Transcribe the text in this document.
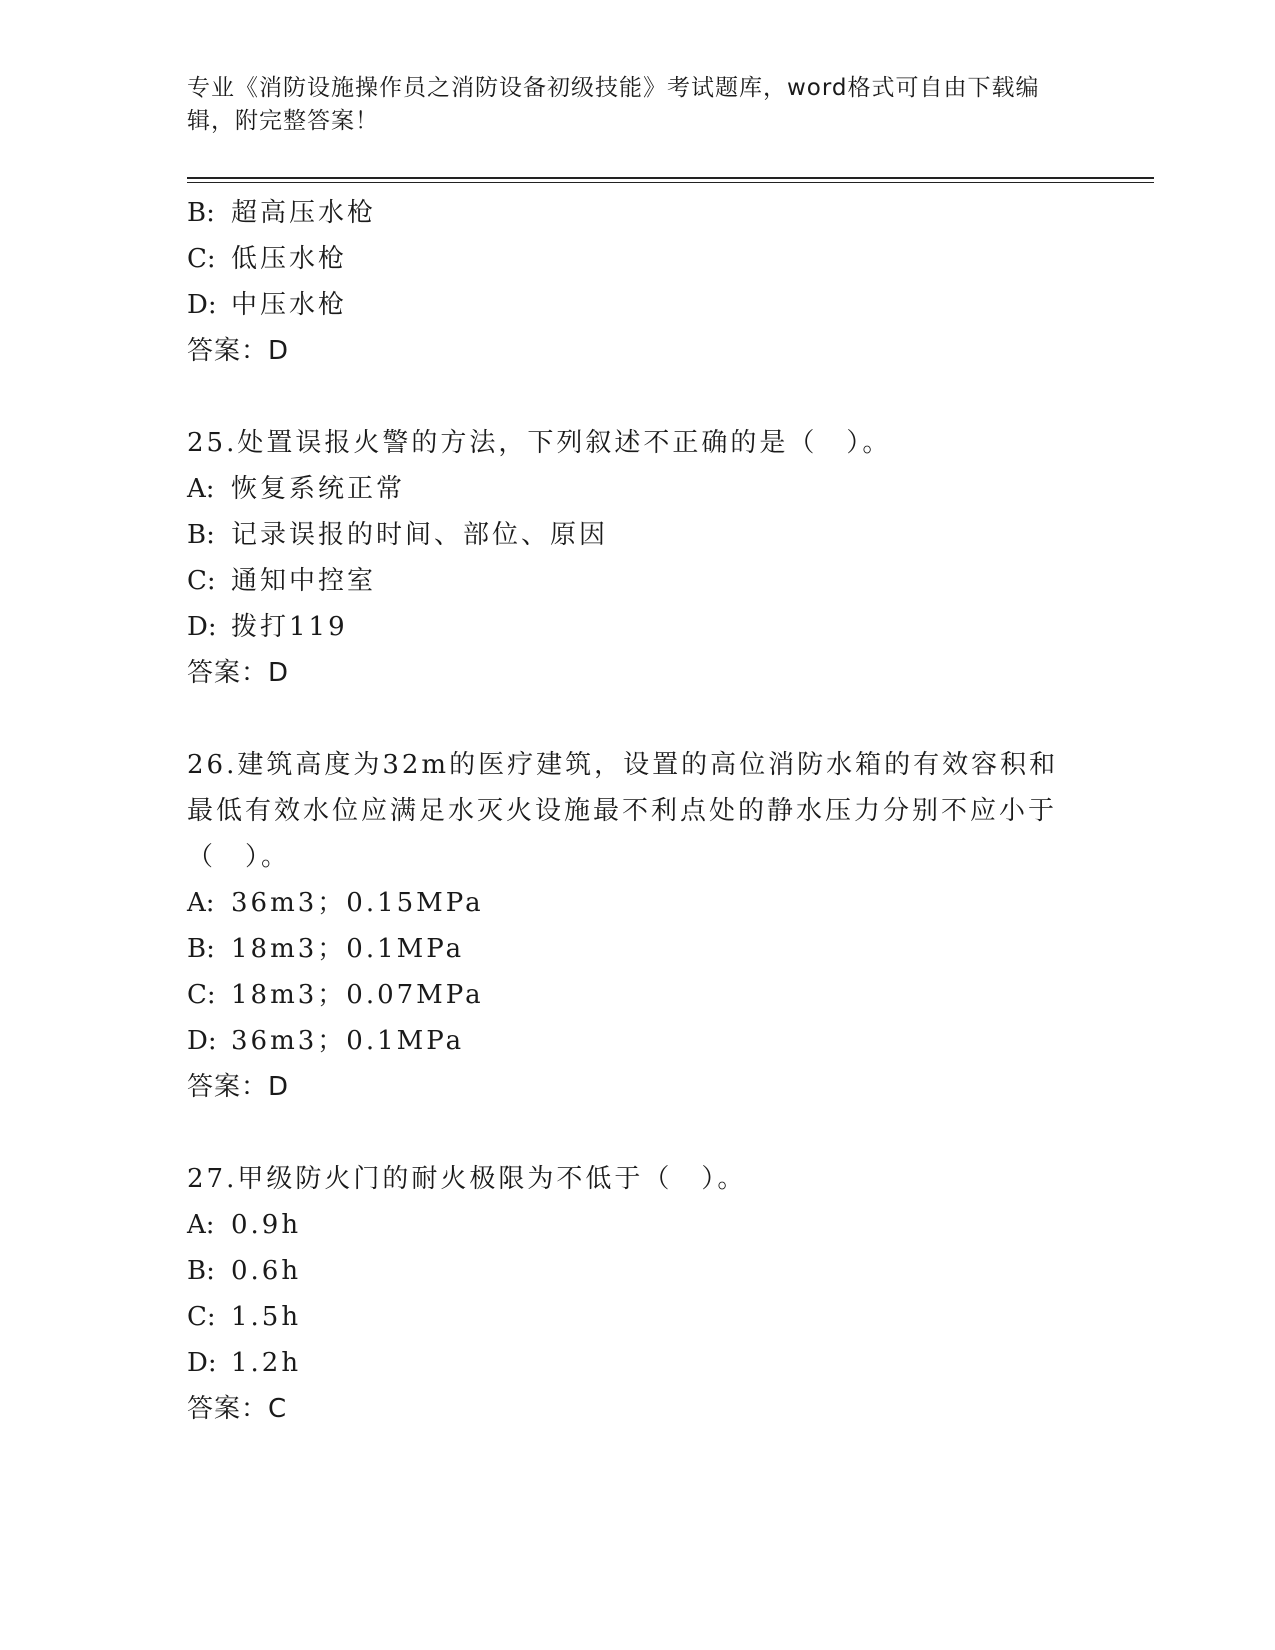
专业《消防设施操作员之消防设备初级技能》考试题库，word格式可自由下载编辑，附完整答案！
B: 超高压水枪
C: 低压水枪
D: 中压水枪
答案：D
25.处置误报火警的方法，下列叙述不正确的是（　）。
A: 恢复系统正常
B: 记录误报的时间、部位、原因
C: 通知中控室
D: 拨打119
答案：D
26.建筑高度为32m的医疗建筑，设置的高位消防水箱的有效容积和最低有效水位应满足水灭火设施最不利点处的静水压力分别不应小于（　）。
A: 36m3；0.15MPa
B: 18m3；0.1MPa
C: 18m3；0.07MPa
D: 36m3；0.1MPa
答案：D
27.甲级防火门的耐火极限为不低于（　）。
A: 0.9h
B: 0.6h
C: 1.5h
D: 1.2h
答案：C
